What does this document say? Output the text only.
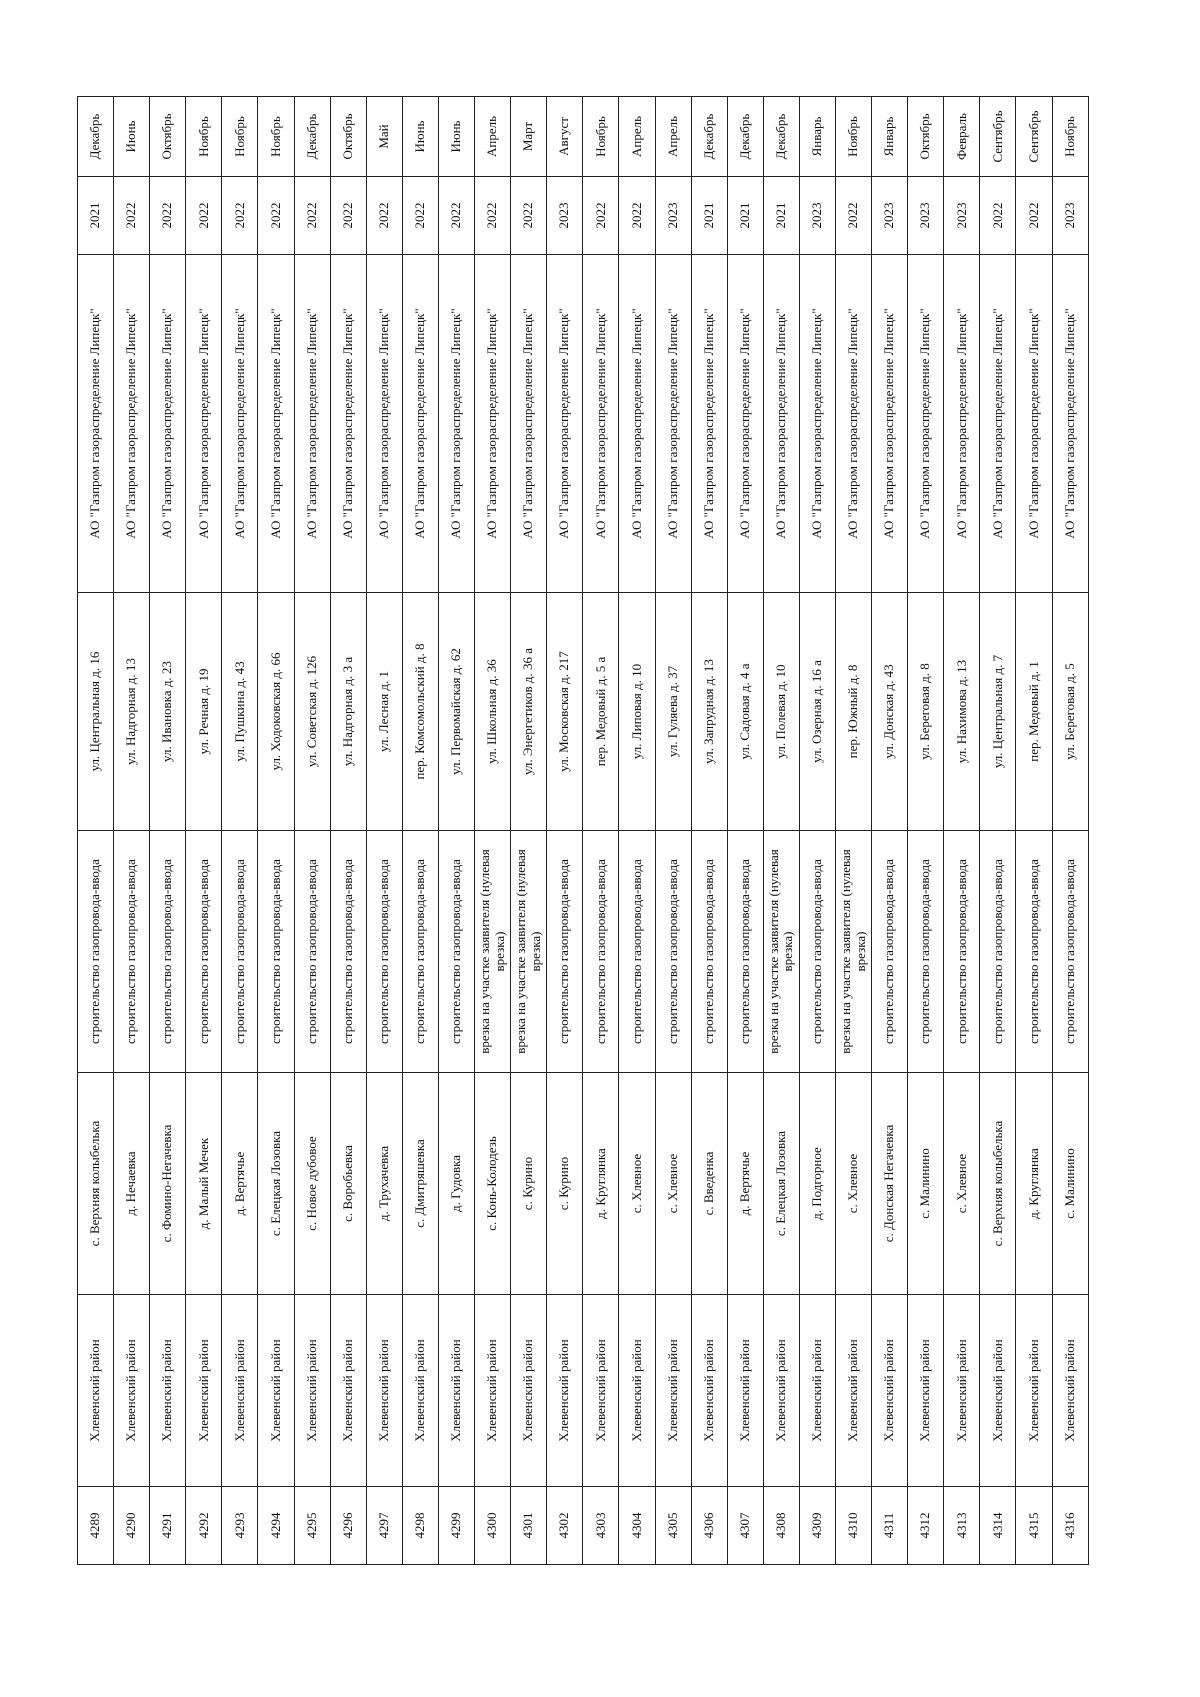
4289	Хлевенский район	с. Верхняя колыбелька	строительство газопровода-ввода	ул. Центральная д. 16	АО "Газпром газораспределение Липецк"	2021	Декабрь
4290	Хлевенский район	д. Нечаевка	строительство газопровода-ввода	ул. Надгорная д. 13	АО "Газпром газораспределение Липецк"	2022	Июнь
4291	Хлевенский район	с. Фомино-Негачевка	строительство газопровода-ввода	ул. Ивановка д. 23	АО "Газпром газораспределение Липецк"	2022	Октябрь
4292	Хлевенский район	д. Малый Мечек	строительство газопровода-ввода	ул. Речная д. 19	АО "Газпром газораспределение Липецк"	2022	Ноябрь
4293	Хлевенский район	д. Вертячье	строительство газопровода-ввода	ул. Пушкина д. 43	АО "Газпром газораспределение Липецк"	2022	Ноябрь
4294	Хлевенский район	с. Елецкая Лозовка	строительство газопровода-ввода	ул. Ходоковская д. 66	АО "Газпром газораспределение Липецк"	2022	Ноябрь
4295	Хлевенский район	с. Новое дубовое	строительство газопровода-ввода	ул. Советская д. 126	АО "Газпром газораспределение Липецк"	2022	Декабрь
4296	Хлевенский район	с. Воробьевка	строительство газопровода-ввода	ул. Надгорная д. 3 а	АО "Газпром газораспределение Липецк"	2022	Октябрь
4297	Хлевенский район	д. Трухачевка	строительство газопровода-ввода	ул. Лесная д. 1	АО "Газпром газораспределение Липецк"	2022	Май
4298	Хлевенский район	с. Дмитряшевка	строительство газопровода-ввода	пер. Комсомольский д. 8	АО "Газпром газораспределение Липецк"	2022	Июнь
4299	Хлевенский район	д. Гудовка	строительство газопровода-ввода	ул. Первомайская д. 62	АО "Газпром газораспределение Липецк"	2022	Июнь
4300	Хлевенский район	с. Конь-Колодезь	врезка на участке заявителя (нулевая врезка)	ул. Школьная д. 36	АО "Газпром газораспределение Липецк"	2022	Апрель
4301	Хлевенский район	с. Курино	врезка на участке заявителя (нулевая врезка)	ул. Энергетиков д. 36 а	АО "Газпром газораспределение Липецк"	2022	Март
4302	Хлевенский район	с. Курино	строительство газопровода-ввода	ул. Московская д. 217	АО "Газпром газораспределение Липецк"	2023	Август
4303	Хлевенский район	д. Круглянка	строительство газопровода-ввода	пер. Медовый д. 5 а	АО "Газпром газораспределение Липецк"	2022	Ноябрь
4304	Хлевенский район	с. Хлевное	строительство газопровода-ввода	ул. Липовая д. 10	АО "Газпром газораспределение Липецк"	2022	Апрель
4305	Хлевенский район	с. Хлевное	строительство газопровода-ввода	ул. Гуляева д. 37	АО "Газпром газораспределение Липецк"	2023	Апрель
4306	Хлевенский район	с. Введенка	строительство газопровода-ввода	ул. Запрудная д. 13	АО "Газпром газораспределение Липецк"	2021	Декабрь
4307	Хлевенский район	д. Вертячье	строительство газопровода-ввода	ул. Садовая д. 4 а	АО "Газпром газораспределение Липецк"	2021	Декабрь
4308	Хлевенский район	с. Елецкая Лозовка	врезка на участке заявителя (нулевая врезка)	ул. Полевая д. 10	АО "Газпром газораспределение Липецк"	2021	Декабрь
4309	Хлевенский район	д. Подгорное	строительство газопровода-ввода	ул. Озерная д. 16 а	АО "Газпром газораспределение Липецк"	2023	Январь
4310	Хлевенский район	с. Хлевное	врезка на участке заявителя (нулевая врезка)	пер. Южный д. 8	АО "Газпром газораспределение Липецк"	2022	Ноябрь
4311	Хлевенский район	с. Донская Негачевка	строительство газопровода-ввода	ул. Донская д. 43	АО "Газпром газораспределение Липецк"	2023	Январь
4312	Хлевенский район	с. Малинино	строительство газопровода-ввода	ул. Береговая д. 8	АО "Газпром газораспределение Липецк"	2023	Октябрь
4313	Хлевенский район	с. Хлевное	строительство газопровода-ввода	ул. Нахимова д. 13	АО "Газпром газораспределение Липецк"	2023	Февраль
4314	Хлевенский район	с. Верхняя колыбелька	строительство газопровода-ввода	ул. Центральная д. 7	АО "Газпром газораспределение Липецк"	2022	Сентябрь
4315	Хлевенский район	д. Круглянка	строительство газопровода-ввода	пер. Медовый д. 1	АО "Газпром газораспределение Липецк"	2022	Сентябрь
4316	Хлевенский район	с. Малинино	строительство газопровода-ввода	ул. Береговая д. 5	АО "Газпром газораспределение Липецк"	2023	Ноябрь
